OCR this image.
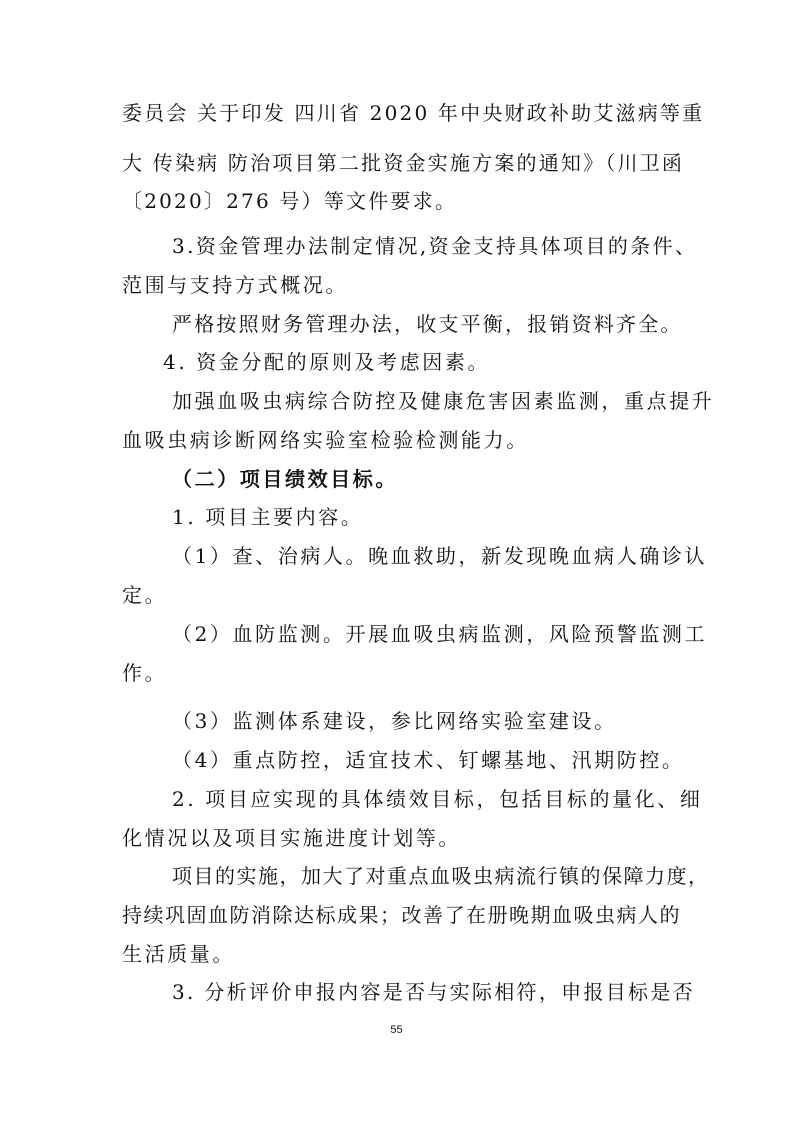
委员会 关于印发 四川省 2020 年中央财政补助艾滋病等重
大 传染病 防治项目第二批资金实施方案的通知》（川卫函
〔2020〕276 号）等文件要求。
3.资金管理办法制定情况,资金支持具体项目的条件、
范围与支持方式概况。
严格按照财务管理办法，收支平衡，报销资料齐全。
4. 资金分配的原则及考虑因素。
加强血吸虫病综合防控及健康危害因素监测，重点提升
血吸虫病诊断网络实验室检验检测能力。
（二）项目绩效目标。
1. 项目主要内容。
（1）查、治病人。晚血救助，新发现晚血病人确诊认
定。
（2）血防监测。开展血吸虫病监测，风险预警监测工
作。
（3）监测体系建设，参比网络实验室建设。
（4）重点防控，适宜技术、钉螺基地、汛期防控。
2. 项目应实现的具体绩效目标，包括目标的量化、细
化情况以及项目实施进度计划等。
项目的实施，加大了对重点血吸虫病流行镇的保障力度，
持续巩固血防消除达标成果；改善了在册晚期血吸虫病人的
生活质量。
3. 分析评价申报内容是否与实际相符，申报目标是否
55
